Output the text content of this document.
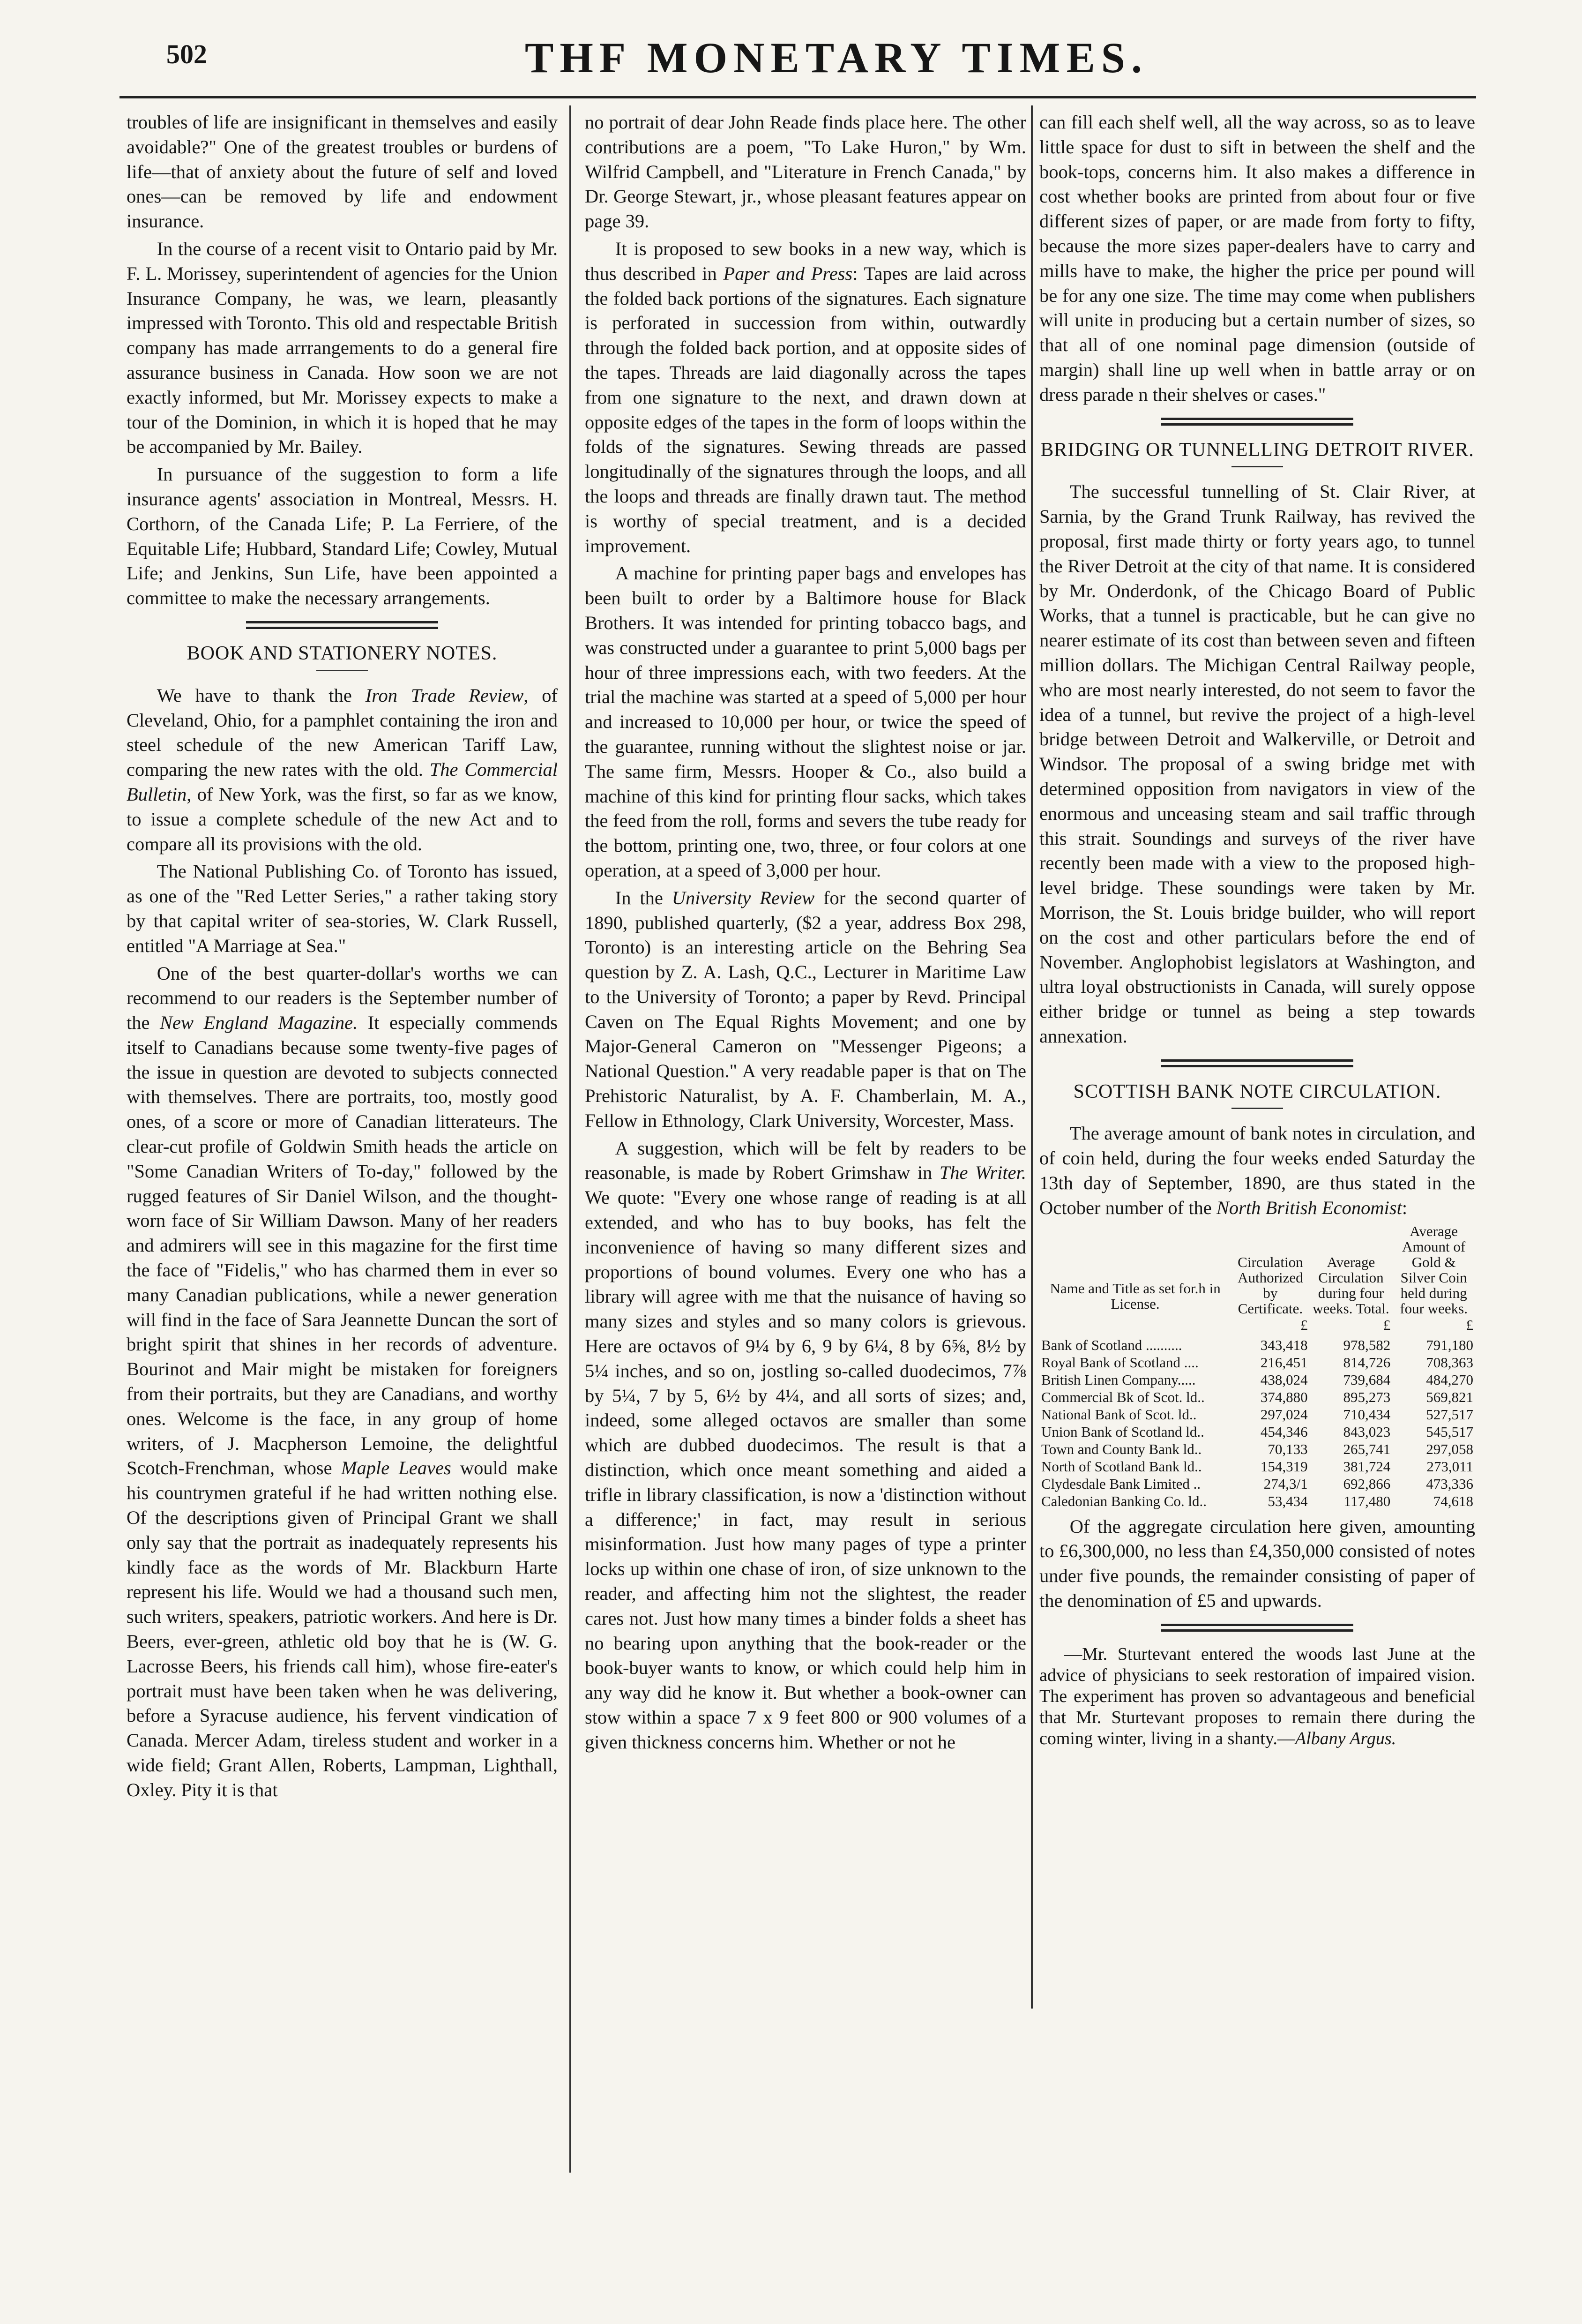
502	THF MONETARY TIMES.

troubles of life are insignificant in themselves and easily avoidable?" One of the greatest troubles or burdens of life—that of anxiety about the future of self and loved ones—can be removed by life and endowment insurance.

In the course of a recent visit to Ontario paid by Mr. F. L. Morissey, superintendent of agencies for the Union Insurance Company, he was, we learn, pleasantly impressed with Toronto. This old and respectable British company has made arrrangements to do a general fire assurance business in Canada. How soon we are not exactly informed, but Mr. Morissey expects to make a tour of the Dominion, in which it is hoped that he may be accompanied by Mr. Bailey.

In pursuance of the suggestion to form a life insurance agents' association in Montreal, Messrs. H. Corthorn, of the Canada Life; P. La Ferriere, of the Equitable Life; Hubbard, Standard Life; Cowley, Mutual Life; and Jenkins, Sun Life, have been appointed a committee to make the necessary arrangements.

BOOK AND STATIONERY NOTES.

We have to thank the Iron Trade Review, of Cleveland, Ohio, for a pamphlet containing the iron and steel schedule of the new American Tariff Law, comparing the new rates with the old. The Commercial Bulletin, of New York, was the first, so far as we know, to issue a complete schedule of the new Act and to compare all its provisions with the old.

The National Publishing Co. of Toronto has issued, as one of the "Red Letter Series," a rather taking story by that capital writer of sea-stories, W. Clark Russell, entitled "A Marriage at Sea."

One of the best quarter-dollar's worths we can recommend to our readers is the September number of the New England Magazine. It especially commends itself to Canadians because some twenty-five pages of the issue in question are devoted to subjects connected with themselves. There are portraits, too, mostly good ones, of a score or more of Canadian litterateurs. The clear-cut profile of Goldwin Smith heads the article on "Some Canadian Writers of To-day," followed by the rugged features of Sir Daniel Wilson, and the thought-worn face of Sir William Dawson. Many of her readers and admirers will see in this magazine for the first time the face of "Fidelis," who has charmed them in ever so many Canadian publications, while a newer generation will find in the face of Sara Jeannette Duncan the sort of bright spirit that shines in her records of adventure. Bourinot and Mair might be mistaken for foreigners from their portraits, but they are Canadians, and worthy ones. Welcome is the face, in any group of home writers, of J. Macpherson Lemoine, the delightful Scotch-Frenchman, whose Maple Leaves would make his countrymen grateful if he had written nothing else. Of the descriptions given of Principal Grant we shall only say that the portrait as inadequately represents his kindly face as the words of Mr. Blackburn Harte represent his life. Would we had a thousand such men, such writers, speakers, patriotic workers. And here is Dr. Beers, ever-green, athletic old boy that he is (W. G. Lacrosse Beers, his friends call him), whose fire-eater's portrait must have been taken when he was delivering, before a Syracuse audience, his fervent vindication of Canada. Mercer Adam, tireless student and worker in a wide field; Grant Allen, Roberts, Lampman, Lighthall, Oxley. Pity it is that

no portrait of dear John Reade finds place here. The other contributions are a poem, "To Lake Huron," by Wm. Wilfrid Campbell, and "Literature in French Canada," by Dr. George Stewart, jr., whose pleasant features appear on page 39.

It is proposed to sew books in a new way, which is thus described in Paper and Press: Tapes are laid across the folded back portions of the signatures. Each signature is perforated in succession from within, outwardly through the folded back portion, and at opposite sides of the tapes. Threads are laid diagonally across the tapes from one signature to the next, and drawn down at opposite edges of the tapes in the form of loops within the folds of the signatures. Sewing threads are passed longitudinally of the signatures through the loops, and all the loops and threads are finally drawn taut. The method is worthy of special treatment, and is a decided improvement.

A machine for printing paper bags and envelopes has been built to order by a Baltimore house for Black Brothers. It was intended for printing tobacco bags, and was constructed under a guarantee to print 5,000 bags per hour of three impressions each, with two feeders. At the trial the machine was started at a speed of 5,000 per hour and increased to 10,000 per hour, or twice the speed of the guarantee, running without the slightest noise or jar. The same firm, Messrs. Hooper & Co., also build a machine of this kind for printing flour sacks, which takes the feed from the roll, forms and severs the tube ready for the bottom, printing one, two, three, or four colors at one operation, at a speed of 3,000 per hour.

In the University Review for the second quarter of 1890, published quarterly, ($2 a year, address Box 298, Toronto) is an interesting article on the Behring Sea question by Z. A. Lash, Q.C., Lecturer in Maritime Law to the University of Toronto; a paper by Revd. Principal Caven on The Equal Rights Movement; and one by Major-General Cameron on "Messenger Pigeons; a National Question." A very readable paper is that on The Prehistoric Naturalist, by A. F. Chamberlain, M. A., Fellow in Ethnology, Clark University, Worcester, Mass.

A suggestion, which will be felt by readers to be reasonable, is made by Robert Grimshaw in The Writer. We quote: "Every one whose range of reading is at all extended, and who has to buy books, has felt the inconvenience of having so many different sizes and proportions of bound volumes. Every one who has a library will agree with me that the nuisance of having so many sizes and styles and so many colors is grievous. Here are octavos of 9¼ by 6, 9 by 6¼, 8 by 6⅝, 8½ by 5¼ inches, and so on, jostling so-called duodecimos, 7⅞ by 5¼, 7 by 5, 6½ by 4¼, and all sorts of sizes; and, indeed, some alleged octavos are smaller than some which are dubbed duodecimos. The result is that a distinction, which once meant something and aided a trifle in library classification, is now a 'distinction without a difference;' in fact, may result in serious misinformation. Just how many pages of type a printer locks up within one chase of iron, of size unknown to the reader, and affecting him not the slightest, the reader cares not. Just how many times a binder folds a sheet has no bearing upon anything that the book-reader or the book-buyer wants to know, or which could help him in any way did he know it. But whether a book-owner can stow within a space 7 x 9 feet 800 or 900 volumes of a given thickness concerns him. Whether or not he

can fill each shelf well, all the way across, so as to leave little space for dust to sift in between the shelf and the book-tops, concerns him. It also makes a difference in cost whether books are printed from about four or five different sizes of paper, or are made from forty to fifty, because the more sizes paper-dealers have to carry and mills have to make, the higher the price per pound will be for any one size. The time may come when publishers will unite in producing but a certain number of sizes, so that all of one nominal page dimension (outside of margin) shall line up well when in battle array or on dress parade n their shelves or cases."

BRIDGING OR TUNNELLING DETROIT RIVER.

The successful tunnelling of St. Clair River, at Sarnia, by the Grand Trunk Railway, has revived the proposal, first made thirty or forty years ago, to tunnel the River Detroit at the city of that name. It is considered by Mr. Onderdonk, of the Chicago Board of Public Works, that a tunnel is practicable, but he can give no nearer estimate of its cost than between seven and fifteen million dollars. The Michigan Central Railway people, who are most nearly interested, do not seem to favor the idea of a tunnel, but revive the project of a high-level bridge between Detroit and Walkerville, or Detroit and Windsor. The proposal of a swing bridge met with determined opposition from navigators in view of the enormous and unceasing steam and sail traffic through this strait. Soundings and surveys of the river have recently been made with a view to the proposed high-level bridge. These soundings were taken by Mr. Morrison, the St. Louis bridge builder, who will report on the cost and other particulars before the end of November. Anglophobist legislators at Washington, and ultra loyal obstructionists in Canada, will surely oppose either bridge or tunnel as being a step towards annexation.

SCOTTISH BANK NOTE CIRCULATION.

The average amount of bank notes in circulation, and of coin held, during the four weeks ended Saturday the 13th day of September, 1890, are thus stated in the October number of the North British Economist:

Name and Title as set for.h in License.	Circulation Authorized by Certificate.	Average Circulation during four weeks. Total.	Average Amount of Gold & Silver Coin held during four weeks.
	£	£	£
Bank of Scotland ..........	343,418	978,582	791,180
Royal Bank of Scotland ....	216,451	814,726	708,363
British Linen Company.....	438,024	739,684	484,270
Commercial Bk of Scot. ld..	374,880	895,273	569,821
National Bank of Scot. ld..	297,024	710,434	527,517
Union Bank of Scotland ld..	454,346	843,023	545,517
Town and County Bank ld..	70,133	265,741	297,058
North of Scotland Bank ld..	154,319	381,724	273,011
Clydesdale Bank Limited ..	274,3/1	692,866	473,336
Caledonian Banking Co. ld..	53,434	117,480	74,618

Of the aggregate circulation here given, amounting to £6,300,000, no less than £4,350,000 consisted of notes under five pounds, the remainder consisting of paper of the denomination of £5 and upwards.

—Mr. Sturtevant entered the woods last June at the advice of physicians to seek restoration of impaired vision. The experiment has proven so advantageous and beneficial that Mr. Sturtevant proposes to remain there during the coming winter, living in a shanty.—Albany Argus.
